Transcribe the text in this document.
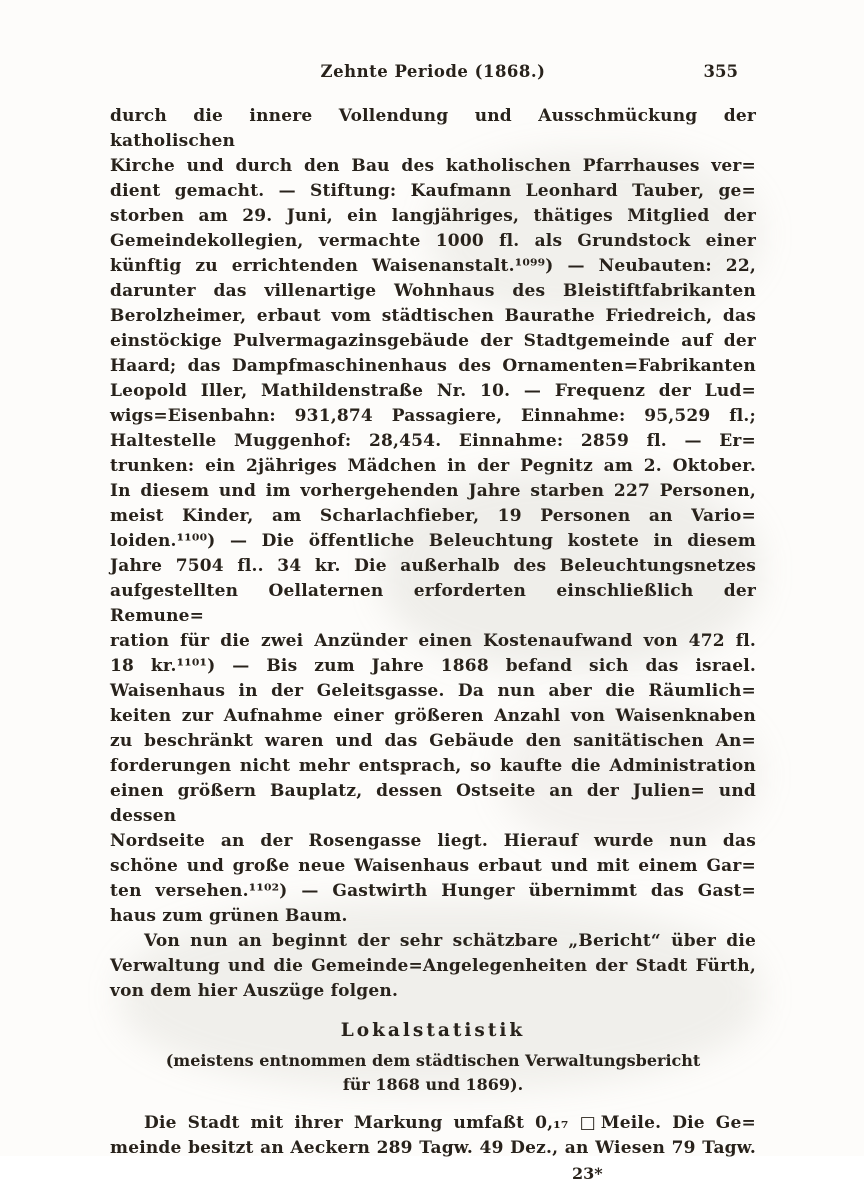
Zehnte Periode (1868.)	355
durch die innere Vollendung und Ausschmückung der katholischen
Kirche und durch den Bau des katholischen Pfarrhauses ver=
dient gemacht. — Stiftung: Kaufmann Leonhard Tauber, ge=
storben am 29. Juni, ein langjähriges, thätiges Mitglied der
Gemeindekollegien, vermachte 1000 fl. als Grundstock einer
künftig zu errichtenden Waisenanstalt.¹⁰⁹⁹) — Neubauten: 22,
darunter das villenartige Wohnhaus des Bleistiftfabrikanten
Berolzheimer, erbaut vom städtischen Baurathe Friedreich, das
einstöckige Pulvermagazinsgebäude der Stadtgemeinde auf der
Haard; das Dampfmaschinenhaus des Ornamenten=Fabrikanten
Leopold Iller, Mathildenstraße Nr. 10. — Frequenz der Lud=
wigs=Eisenbahn: 931,874 Passagiere, Einnahme: 95,529 fl.;
Haltestelle Muggenhof: 28,454. Einnahme: 2859 fl. — Er=
trunken: ein 2jähriges Mädchen in der Pegnitz am 2. Oktober.
In diesem und im vorhergehenden Jahre starben 227 Personen,
meist Kinder, am Scharlachfieber, 19 Personen an Vario=
loiden.¹¹⁰⁰) — Die öffentliche Beleuchtung kostete in diesem
Jahre 7504 fl.. 34 kr. Die außerhalb des Beleuchtungsnetzes
aufgestellten Oellaternen erforderten einschließlich der Remune=
ration für die zwei Anzünder einen Kostenaufwand von 472 fl.
18 kr.¹¹⁰¹) — Bis zum Jahre 1868 befand sich das israel.
Waisenhaus in der Geleitsgasse. Da nun aber die Räumlich=
keiten zur Aufnahme einer größeren Anzahl von Waisenknaben
zu beschränkt waren und das Gebäude den sanitätischen An=
forderungen nicht mehr entsprach, so kaufte die Administration
einen größern Bauplatz, dessen Ostseite an der Julien= und dessen
Nordseite an der Rosengasse liegt. Hierauf wurde nun das
schöne und große neue Waisenhaus erbaut und mit einem Gar=
ten versehen.¹¹⁰²) — Gastwirth Hunger übernimmt das Gast=
haus zum grünen Baum.
Von nun an beginnt der sehr schätzbare „Bericht“ über die
Verwaltung und die Gemeinde=Angelegenheiten der Stadt Fürth,
von dem hier Auszüge folgen.
Lokalstatistik
(meistens entnommen dem städtischen Verwaltungsbericht
für 1868 und 1869).
Die Stadt mit ihrer Markung umfaßt 0,₁₇ □Meile. Die Ge=
meinde besitzt an Aeckern 289 Tagw. 49 Dez., an Wiesen 79 Tagw.
23*
